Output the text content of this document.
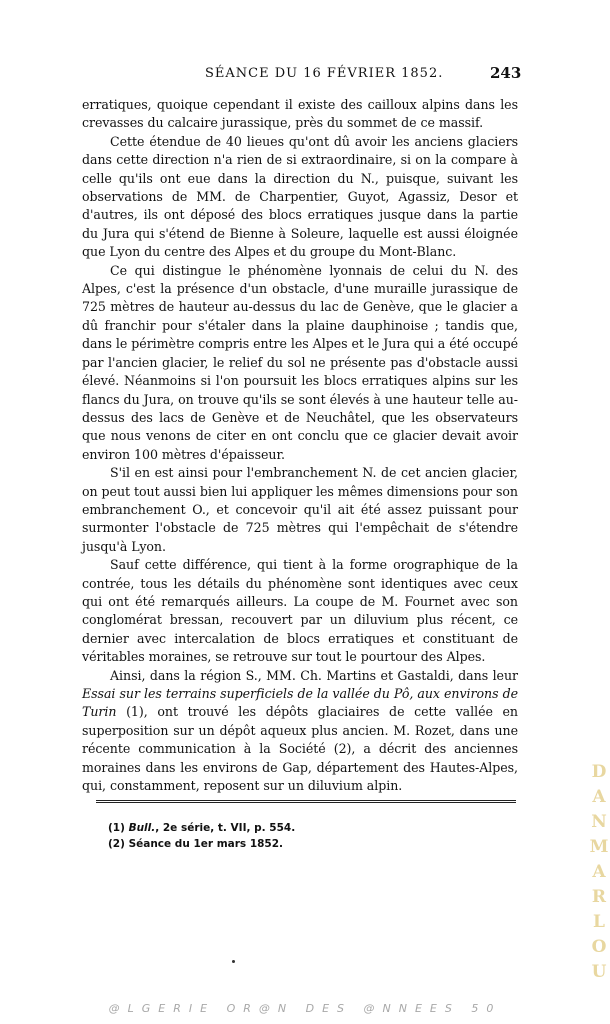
SÉANCE DU 16 FÉVRIER 1852.	243

erratiques, quoique cependant il existe des cailloux alpins dans les crevasses du calcaire jurassique, près du sommet de ce massif.

Cette étendue de 40 lieues qu'ont dû avoir les anciens glaciers dans cette direction n'a rien de si extraordinaire, si on la compare à celle qu'ils ont eue dans la direction du N., puisque, suivant les observations de MM. de Charpentier, Guyot, Agassiz, Desor et d'autres, ils ont déposé des blocs erratiques jusque dans la partie du Jura qui s'étend de Bienne à Soleure, laquelle est aussi éloignée que Lyon du centre des Alpes et du groupe du Mont-Blanc.

Ce qui distingue le phénomène lyonnais de celui du N. des Alpes, c'est la présence d'un obstacle, d'une muraille jurassique de 725 mètres de hauteur au-dessus du lac de Genève, que le glacier a dû franchir pour s'étaler dans la plaine dauphinoise ; tandis que, dans le périmètre compris entre les Alpes et le Jura qui a été occupé par l'ancien glacier, le relief du sol ne présente pas d'obstacle aussi élevé. Néanmoins si l'on poursuit les blocs erratiques alpins sur les flancs du Jura, on trouve qu'ils se sont élevés à une hauteur telle au-dessus des lacs de Genève et de Neuchâtel, que les observateurs que nous venons de citer en ont conclu que ce glacier devait avoir environ 100 mètres d'épaisseur.

S'il en est ainsi pour l'embranchement N. de cet ancien glacier, on peut tout aussi bien lui appliquer les mêmes dimensions pour son embranchement O., et concevoir qu'il ait été assez puissant pour surmonter l'obstacle de 725 mètres qui l'empêchait de s'étendre jusqu'à Lyon.

Sauf cette différence, qui tient à la forme orographique de la contrée, tous les détails du phénomène sont identiques avec ceux qui ont été remarqués ailleurs. La coupe de M. Fournet avec son conglomérat bressan, recouvert par un diluvium plus récent, ce dernier avec intercalation de blocs erratiques et constituant de véritables moraines, se retrouve sur tout le pourtour des Alpes.

Ainsi, dans la région S., MM. Ch. Martins et Gastaldi, dans leur Essai sur les terrains superficiels de la vallée du Pô, aux environs de Turin (1), ont trouvé les dépôts glaciaires de cette vallée en superposition sur un dépôt aqueux plus ancien. M. Rozet, dans une récente communication à la Société (2), a décrit des anciennes moraines dans les environs de Gap, département des Hautes-Alpes, qui, constamment, reposent sur un diluvium alpin.

(1) Bull., 2e série, t. VII, p. 554.
(2) Séance du 1er mars 1852.
DANMARLOU
@LGERIE OR@N DES @NNEES 50
